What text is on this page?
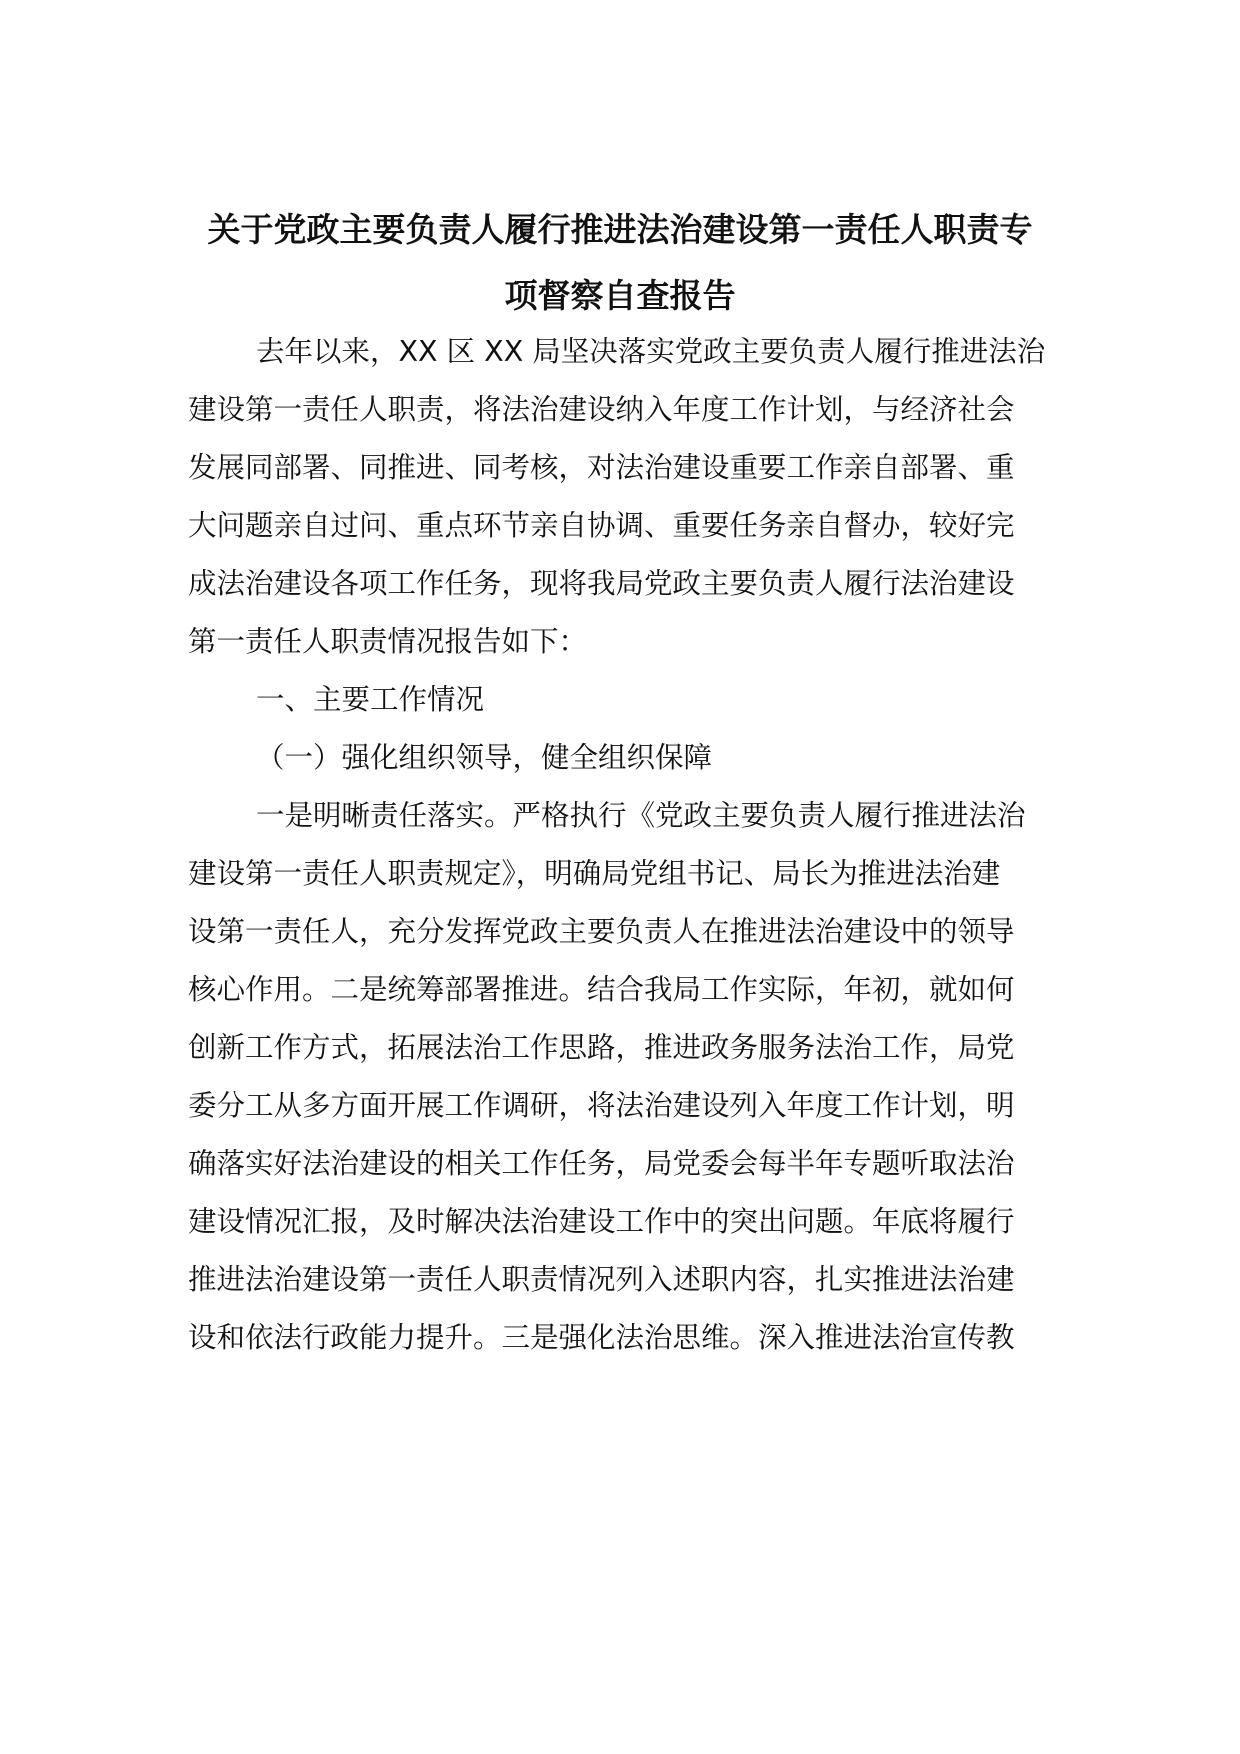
关于党政主要负责人履行推进法治建设第一责任人职责专
项督察自查报告
去年以来，XX 区 XX 局坚决落实党政主要负责人履行推进法治
建设第一责任人职责，将法治建设纳入年度工作计划，与经济社会
发展同部署、同推进、同考核，对法治建设重要工作亲自部署、重
大问题亲自过问、重点环节亲自协调、重要任务亲自督办，较好完
成法治建设各项工作任务，现将我局党政主要负责人履行法治建设
第一责任人职责情况报告如下：
一、主要工作情况
（一）强化组织领导，健全组织保障
一是明晰责任落实。严格执行《党政主要负责人履行推进法治
建设第一责任人职责规定》，明确局党组书记、局长为推进法治建
设第一责任人，充分发挥党政主要负责人在推进法治建设中的领导
核心作用。二是统筹部署推进。结合我局工作实际，年初，就如何
创新工作方式，拓展法治工作思路，推进政务服务法治工作，局党
委分工从多方面开展工作调研，将法治建设列入年度工作计划，明
确落实好法治建设的相关工作任务，局党委会每半年专题听取法治
建设情况汇报，及时解决法治建设工作中的突出问题。年底将履行
推进法治建设第一责任人职责情况列入述职内容，扎实推进法治建
设和依法行政能力提升。三是强化法治思维。深入推进法治宣传教
